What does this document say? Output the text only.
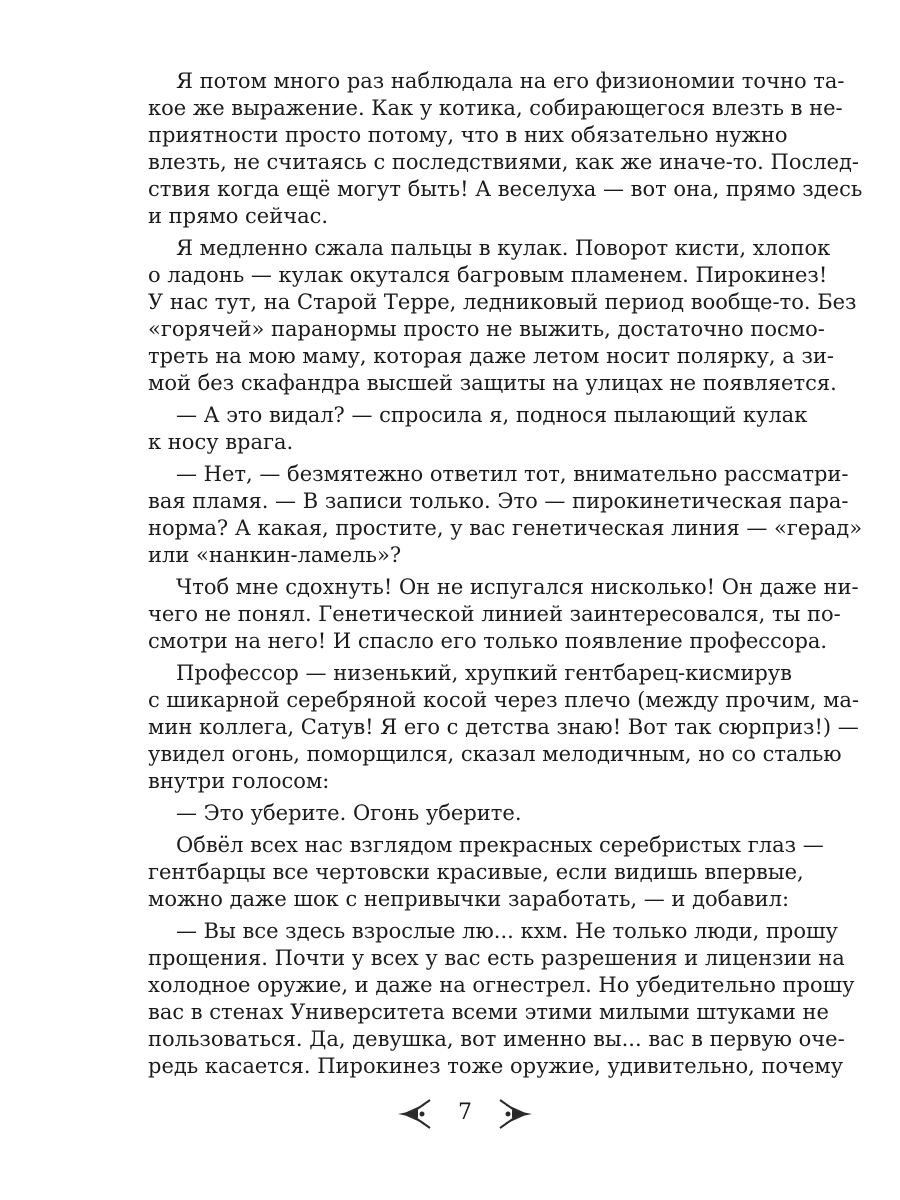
Я потом много раз наблюдала на его физиономии точно та-
кое же выражение. Как у котика, собирающегося влезть в не-
приятности просто потому, что в них обязательно нужно
влезть, не считаясь с последствиями, как же иначе-то. Послед-
ствия когда ещё могут быть! А веселуха — вот она, прямо здесь
и прямо сейчас.
Я медленно сжала пальцы в кулак. Поворот кисти, хлопок
о ладонь — кулак окутался багровым пламенем. Пирокинез!
У нас тут, на Старой Терре, ледниковый период вообще-то. Без
«горячей» паранормы просто не выжить, достаточно посмо-
треть на мою маму, которая даже летом носит полярку, а зи-
мой без скафандра высшей защиты на улицах не появляется.
— А это видал? — спросила я, поднося пылающий кулак
к носу врага.
— Нет, — безмятежно ответил тот, внимательно рассматри-
вая пламя. — В записи только. Это — пирокинетическая пара-
норма? А какая, простите, у вас генетическая линия — «герад»
или «нанкин-ламель»?
Чтоб мне сдохнуть! Он не испугался нисколько! Он даже ни-
чего не понял. Генетической линией заинтересовался, ты по-
смотри на него! И спасло его только появление профессора.
Профессор — низенький, хрупкий гентбарец-кисмирув
с шикарной серебряной косой через плечо (между прочим, ма-
мин коллега, Сатув! Я его с детства знаю! Вот так сюрприз!) —
увидел огонь, поморщился, сказал мелодичным, но со сталью
внутри голосом:
— Это уберите. Огонь уберите.
Обвёл всех нас взглядом прекрасных серебристых глаз —
гентбарцы все чертовски красивые, если видишь впервые,
можно даже шок с непривычки заработать, — и добавил:
— Вы все здесь взрослые лю... кхм. Не только люди, прошу
прощения. Почти у всех у вас есть разрешения и лицензии на
холодное оружие, и даже на огнестрел. Но убедительно прошу
вас в стенах Университета всеми этими милыми штуками не
пользоваться. Да, девушка, вот именно вы... вас в первую оче-
редь касается. Пирокинез тоже оружие, удивительно, почему
7
